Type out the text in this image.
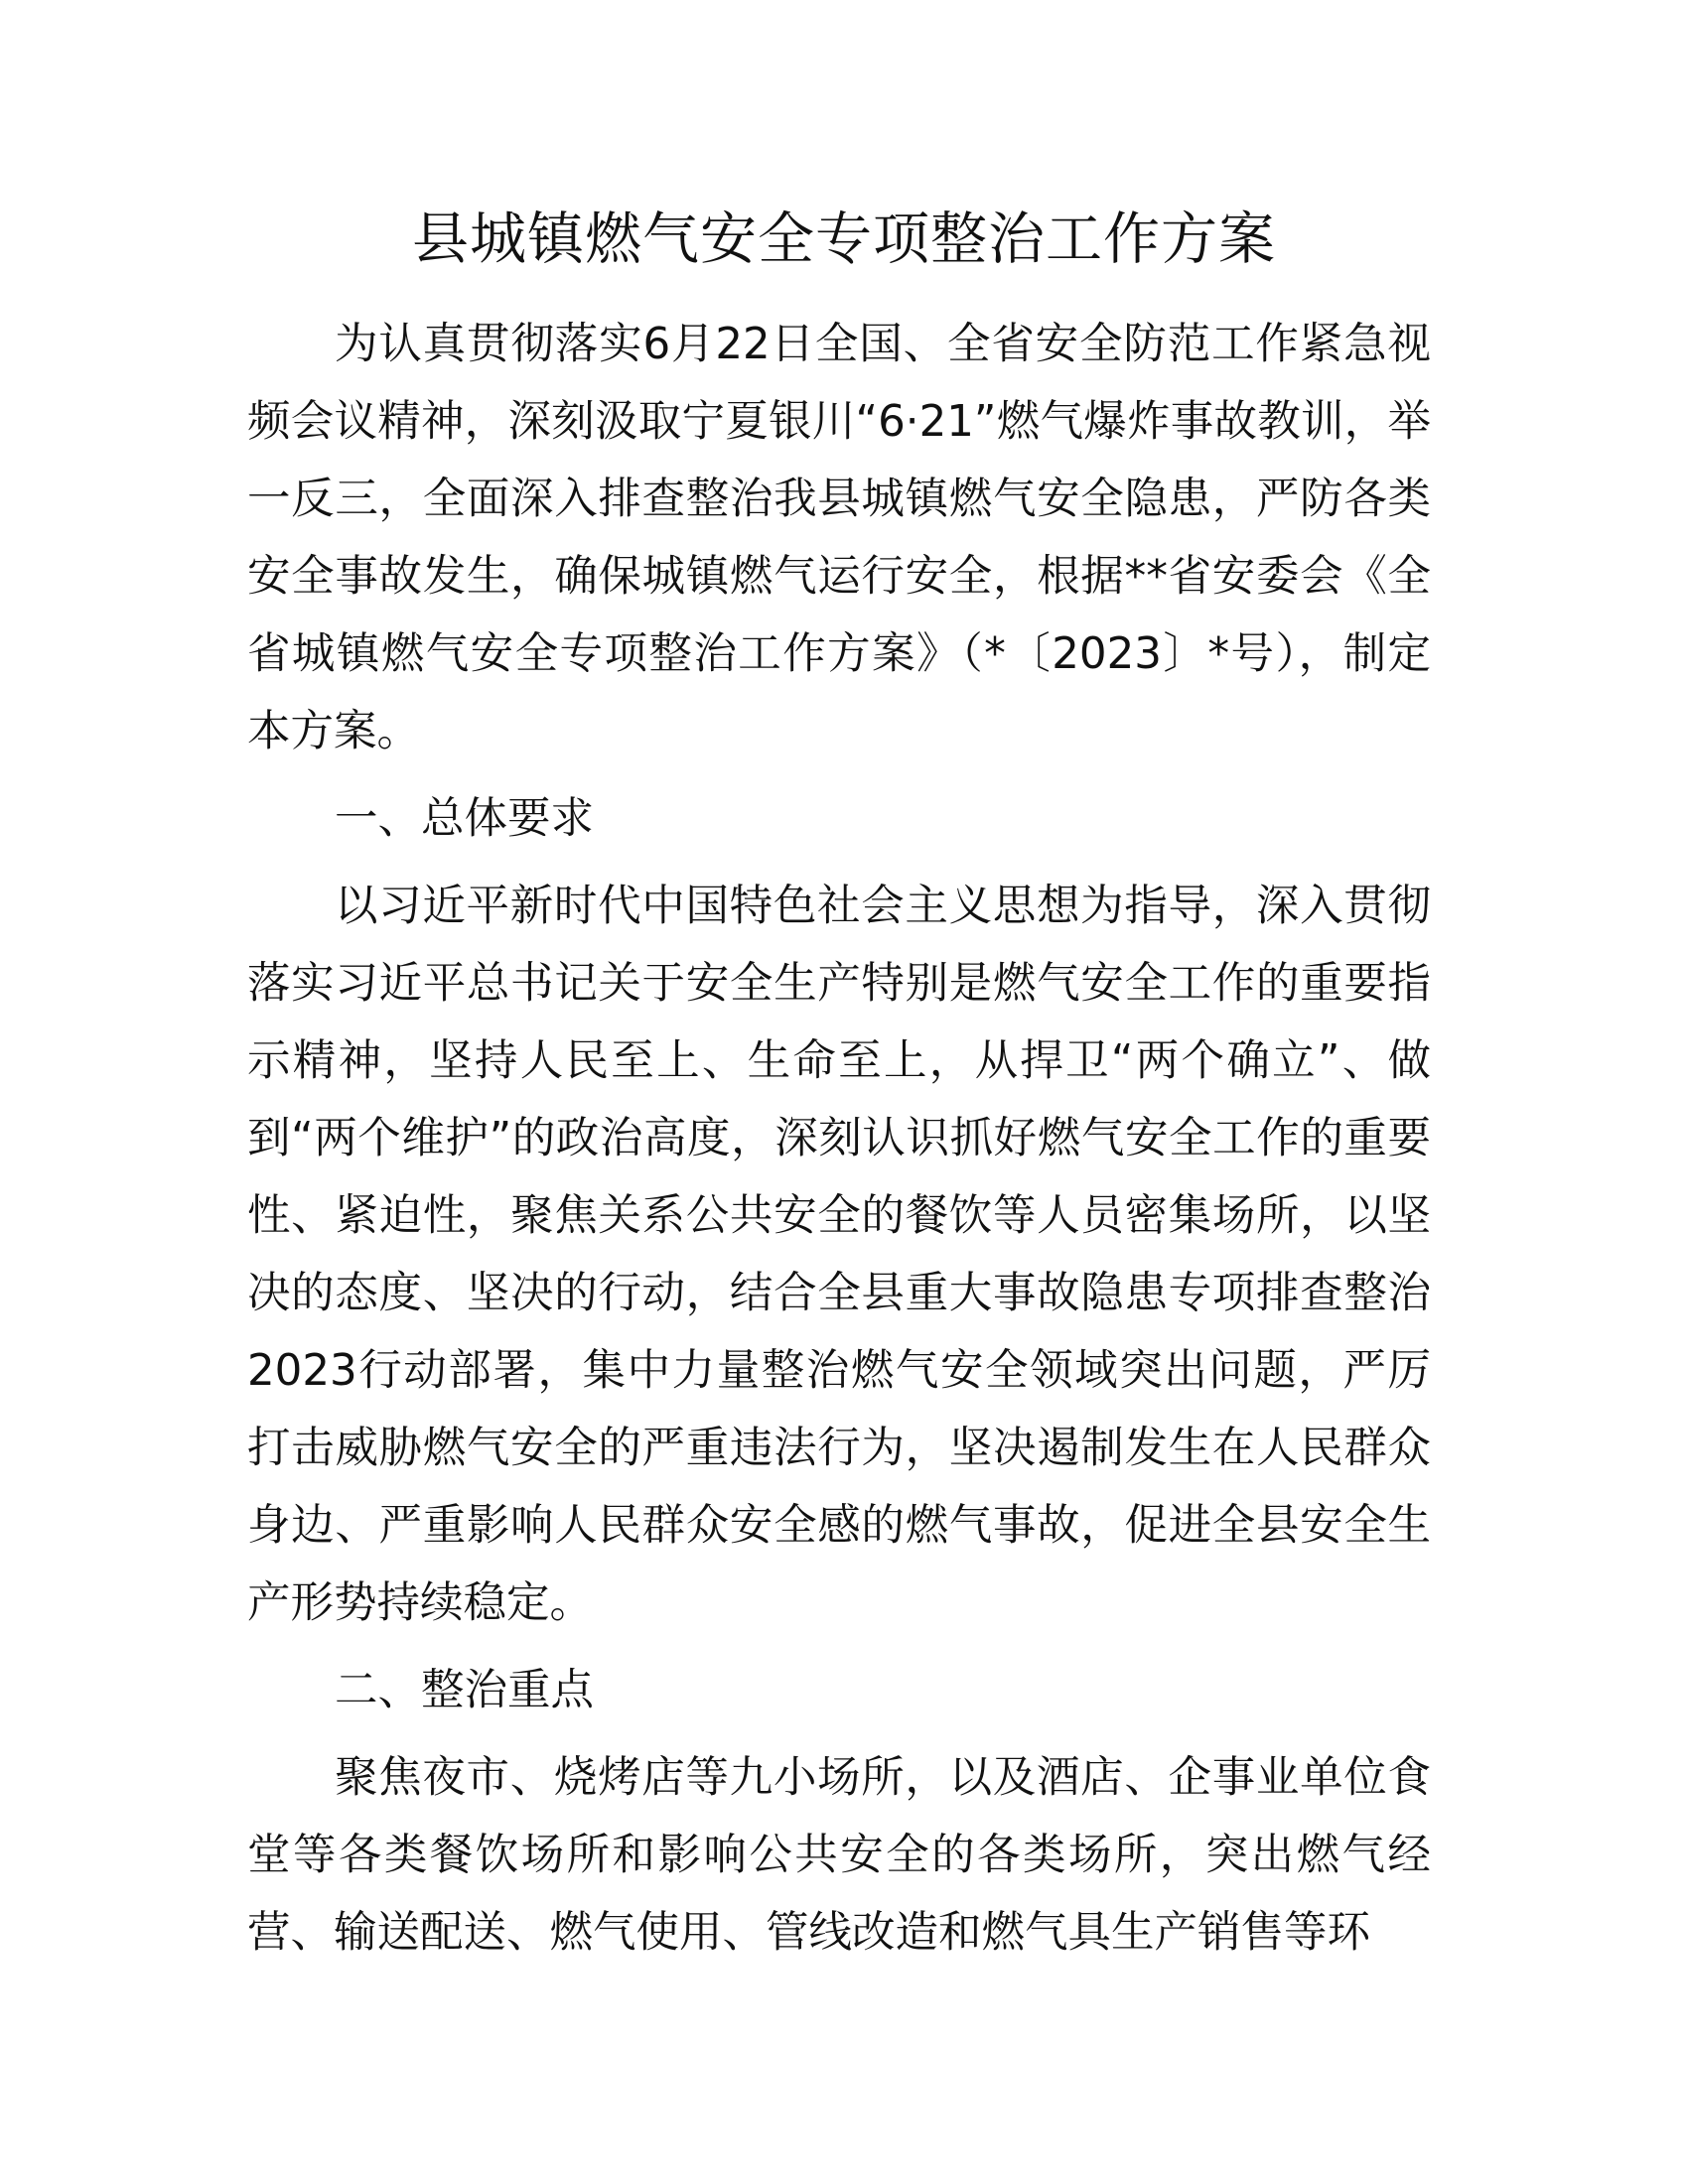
县城镇燃气安全专项整治工作方案

为认真贯彻落实6月22日全国、全省安全防范工作紧急视频会议精神，深刻汲取宁夏银川“6·21”燃气爆炸事故教训，举一反三，全面深入排查整治我县城镇燃气安全隐患，严防各类安全事故发生，确保城镇燃气运行安全，根据**省安委会《全省城镇燃气安全专项整治工作方案》（*〔2023〕*号），制定本方案。

一、总体要求

以习近平新时代中国特色社会主义思想为指导，深入贯彻落实习近平总书记关于安全生产特别是燃气安全工作的重要指示精神，坚持人民至上、生命至上，从捍卫“两个确立”、做到“两个维护”的政治高度，深刻认识抓好燃气安全工作的重要性、紧迫性，聚焦关系公共安全的餐饮等人员密集场所，以坚决的态度、坚决的行动，结合全县重大事故隐患专项排查整治2023行动部署，集中力量整治燃气安全领域突出问题，严厉打击威胁燃气安全的严重违法行为，坚决遏制发生在人民群众身边、严重影响人民群众安全感的燃气事故，促进全县安全生产形势持续稳定。

二、整治重点

聚焦夜市、烧烤店等九小场所，以及酒店、企事业单位食堂等各类餐饮场所和影响公共安全的各类场所，突出燃气经营、输送配送、燃气使用、管线改造和燃气具生产销售等环
